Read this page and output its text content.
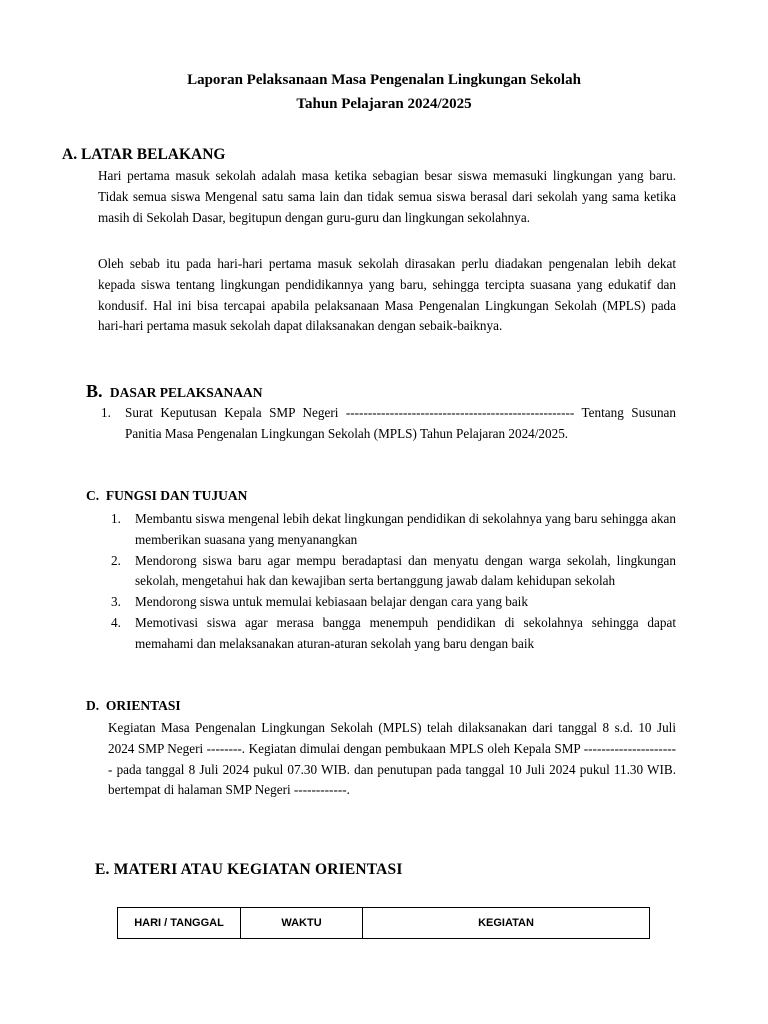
Laporan Pelaksanaan Masa Pengenalan Lingkungan Sekolah
Tahun Pelajaran 2024/2025
A. LATAR BELAKANG
Hari pertama masuk sekolah adalah masa ketika sebagian besar siswa memasuki lingkungan yang baru. Tidak semua siswa Mengenal satu sama lain dan tidak semua siswa berasal dari sekolah yang sama ketika masih di Sekolah Dasar, begitupun dengan guru-guru dan lingkungan sekolahnya.
Oleh sebab itu pada hari-hari pertama masuk sekolah dirasakan perlu diadakan pengenalan lebih dekat kepada siswa tentang lingkungan pendidikannya yang baru, sehingga tercipta suasana yang edukatif dan kondusif. Hal ini bisa tercapai apabila pelaksanaan Masa Pengenalan Lingkungan Sekolah (MPLS) pada hari-hari pertama masuk sekolah dapat dilaksanakan dengan sebaik-baiknya.
B. DASAR PELAKSANAAN
1. Surat Keputusan Kepala SMP Negeri ---------------------------------------------------- Tentang Susunan Panitia Masa Pengenalan Lingkungan Sekolah (MPLS) Tahun Pelajaran 2024/2025.
C. FUNGSI DAN TUJUAN
1. Membantu siswa mengenal lebih dekat lingkungan pendidikan di sekolahnya yang baru sehingga akan memberikan suasana yang menyanangkan
2. Mendorong siswa baru agar mempu beradaptasi dan menyatu dengan warga sekolah, lingkungan sekolah, mengetahui hak dan kewajiban serta bertanggung jawab dalam kehidupan sekolah
3. Mendorong siswa untuk memulai kebiasaan belajar dengan cara yang baik
4. Memotivasi siswa agar merasa bangga menempuh pendidikan di sekolahnya sehingga dapat memahami dan melaksanakan aturan-aturan sekolah yang baru dengan baik
D. ORIENTASI
Kegiatan Masa Pengenalan Lingkungan Sekolah (MPLS) telah dilaksanakan dari tanggal 8 s.d. 10 Juli 2024 SMP Negeri --------. Kegiatan dimulai dengan pembukaan MPLS oleh Kepala SMP ---------------------- pada tanggal 8 Juli 2024 pukul 07.30 WIB. dan penutupan pada tanggal 10 Juli 2024 pukul 11.30 WIB. bertempat di halaman SMP Negeri ------------.
E. MATERI ATAU KEGIATAN ORIENTASI
HARI / TANGGAL	WAKTU	KEGIATAN
